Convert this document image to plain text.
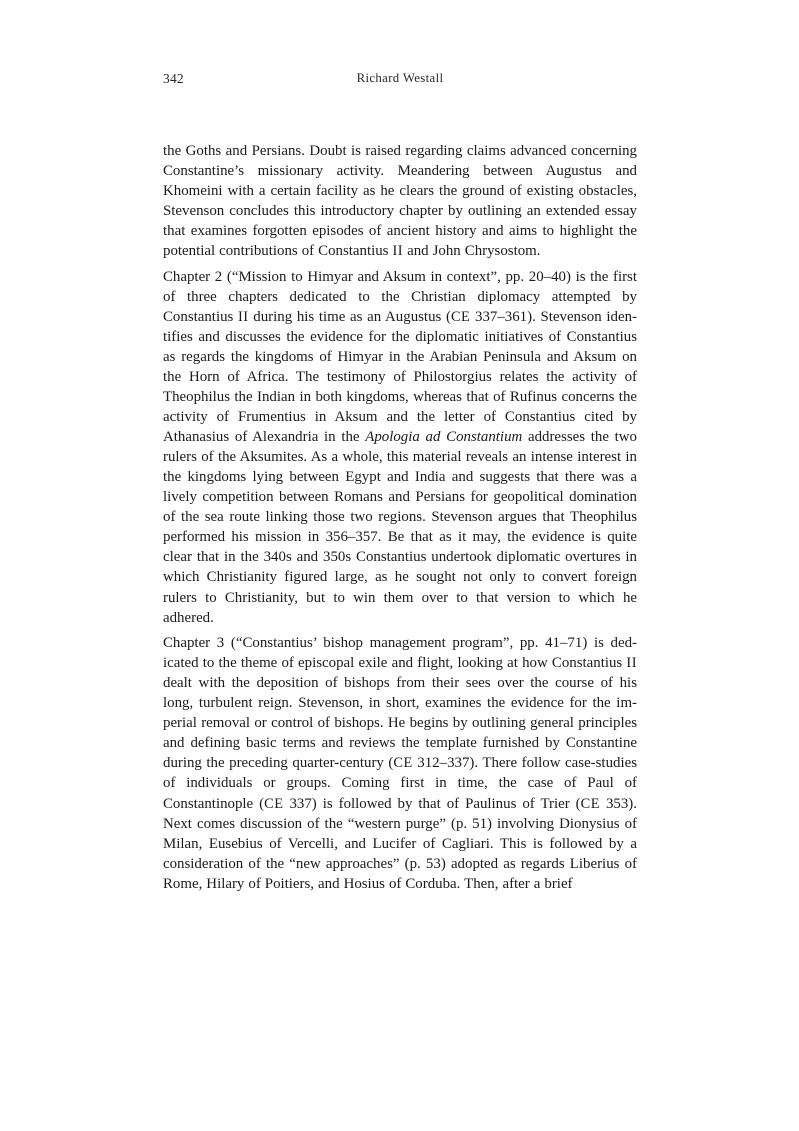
342	Richard Westall

the Goths and Persians. Doubt is raised regarding claims advanced concerning Constantine’s missionary activity. Meandering between Augustus and Khomeini with a certain facility as he clears the ground of existing obstacles, Stevenson concludes this introductory chapter by outlining an extended essay that examines forgotten episodes of ancient history and aims to highlight the potential contributions of Constantius II and John Chrysostom.

Chapter 2 (“Mission to Himyar and Aksum in context”, pp. 20–40) is the first of three chapters dedicated to the Christian diplomacy attempted by Constantius II during his time as an Augustus (CE 337–361). Stevenson identifies and discusses the evidence for the diplomatic initiatives of Constantius as regards the kingdoms of Himyar in the Arabian Peninsula and Aksum on the Horn of Africa. The testimony of Philostorgius relates the activity of Theophilus the Indian in both kingdoms, whereas that of Rufinus concerns the activity of Frumentius in Aksum and the letter of Constantius cited by Athanasius of Alexandria in the Apologia ad Constantium addresses the two rulers of the Aksumites. As a whole, this material reveals an intense interest in the kingdoms lying between Egypt and India and suggests that there was a lively competition between Romans and Persians for geopolitical domination of the sea route linking those two regions. Stevenson argues that Theophilus performed his mission in 356–357. Be that as it may, the evidence is quite clear that in the 340s and 350s Constantius undertook diplomatic overtures in which Christianity figured large, as he sought not only to convert foreign rulers to Christianity, but to win them over to that version to which he adhered.

Chapter 3 (“Constantius’ bishop management program”, pp. 41–71) is dedicated to the theme of episcopal exile and flight, looking at how Constantius II dealt with the deposition of bishops from their sees over the course of his long, turbulent reign. Stevenson, in short, examines the evidence for the imperial removal or control of bishops. He begins by outlining general principles and defining basic terms and reviews the template furnished by Constantine during the preceding quarter-century (CE 312–337). There follow case-studies of individuals or groups. Coming first in time, the case of Paul of Constantinople (CE 337) is followed by that of Paulinus of Trier (CE 353). Next comes discussion of the “western purge” (p. 51) involving Dionysius of Milan, Eusebius of Vercelli, and Lucifer of Cagliari. This is followed by a consideration of the “new approaches” (p. 53) adopted as regards Liberius of Rome, Hilary of Poitiers, and Hosius of Corduba. Then, after a brief
